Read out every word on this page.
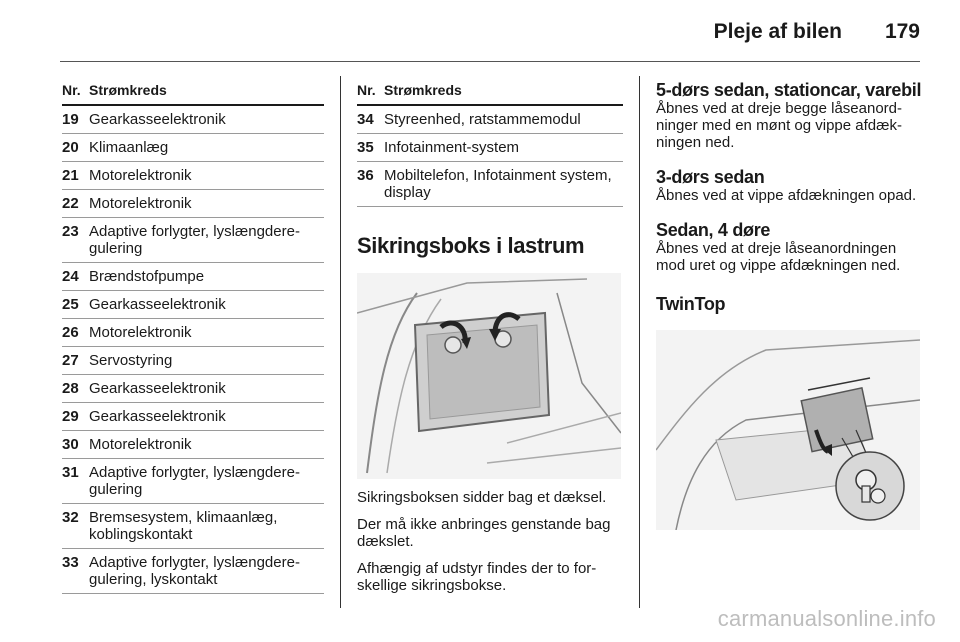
Pleje af bilen 179
Nr. Strømkreds
19 Gearkasseelektronik
20 Klimaanlæg
21 Motorelektronik
22 Motorelektronik
23 Adaptive forlygter, lyslængdere-gulering
24 Brændstofpumpe
25 Gearkasseelektronik
26 Motorelektronik
27 Servostyring
28 Gearkasseelektronik
29 Gearkasseelektronik
30 Motorelektronik
31 Adaptive forlygter, lyslængdere-gulering
32 Bremsesystem, klimaanlæg, koblingskontakt
33 Adaptive forlygter, lyslængdere-gulering, lyskontakt
Nr. Strømkreds
34 Styreenhed, ratstammemodul
35 Infotainment-system
36 Mobiltelefon, Infotainment system, display
Sikringsboks i lastrum

Sikringsboksen sidder bag et dæksel.

Der må ikke anbringes genstande bag dækslet.

Afhængig af udstyr findes der to for-skellige sikringsbokse.

5-dørs sedan, stationcar, varebil

Åbnes ved at dreje begge låseanord-ninger med en mønt og vippe afdæk-ningen ned.

3-dørs sedan

Åbnes ved at vippe afdækningen opad.

Sedan, 4 døre

Åbnes ved at dreje låseanordningen mod uret og vippe afdækningen ned.

TwinTop
carmanualsonline.info
